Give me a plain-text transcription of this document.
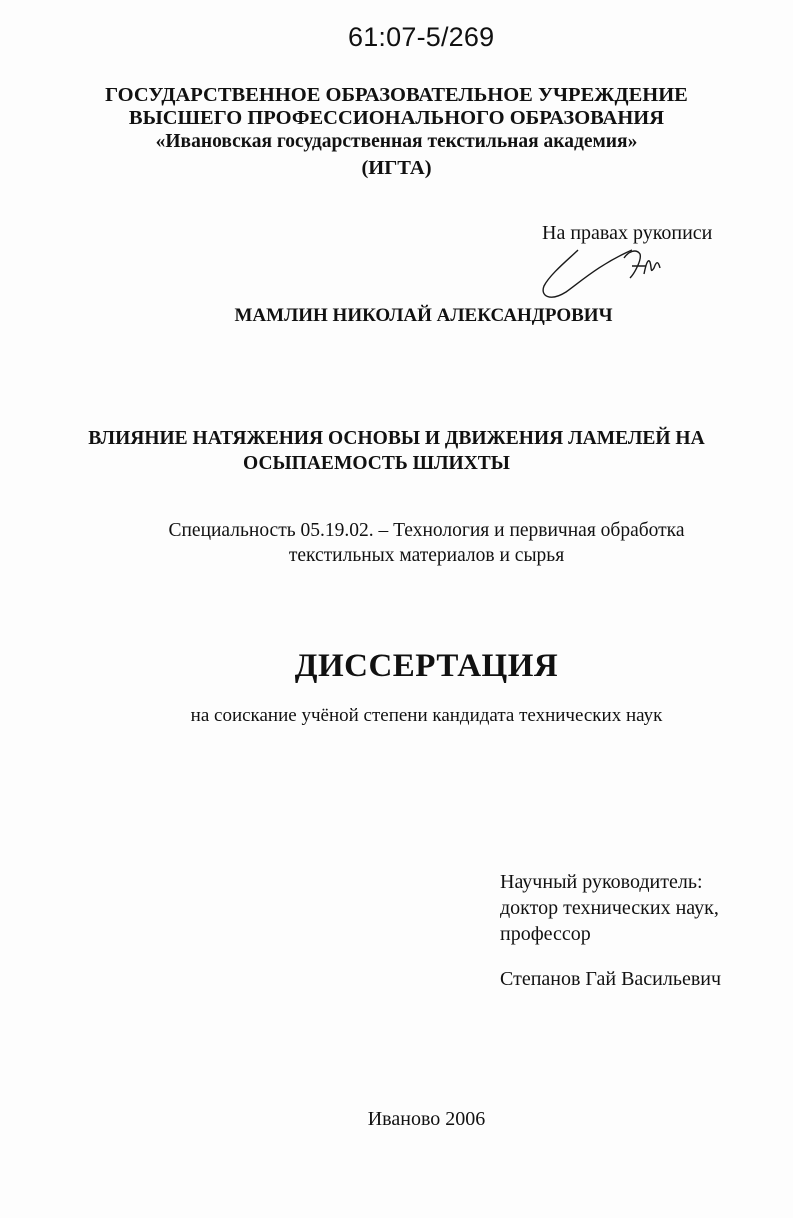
61:07-5/269
ГОСУДАРСТВЕННОЕ ОБРАЗОВАТЕЛЬНОЕ УЧРЕЖДЕНИЕ
ВЫСШЕГО ПРОФЕССИОНАЛЬНОГО ОБРАЗОВАНИЯ
«Ивановская государственная текстильная академия»
(ИГТА)
На правах рукописи
МАМЛИН НИКОЛАЙ АЛЕКСАНДРОВИЧ
ВЛИЯНИЕ НАТЯЖЕНИЯ ОСНОВЫ И ДВИЖЕНИЯ ЛАМЕЛЕЙ НА
ОСЫПАЕМОСТЬ ШЛИХТЫ
Специальность 05.19.02. – Технология и первичная обработка
текстильных материалов и сырья
ДИССЕРТАЦИЯ
на соискание учёной степени кандидата технических наук
Научный руководитель:
доктор технических наук,
профессор
Степанов Гай Васильевич
Иваново 2006
